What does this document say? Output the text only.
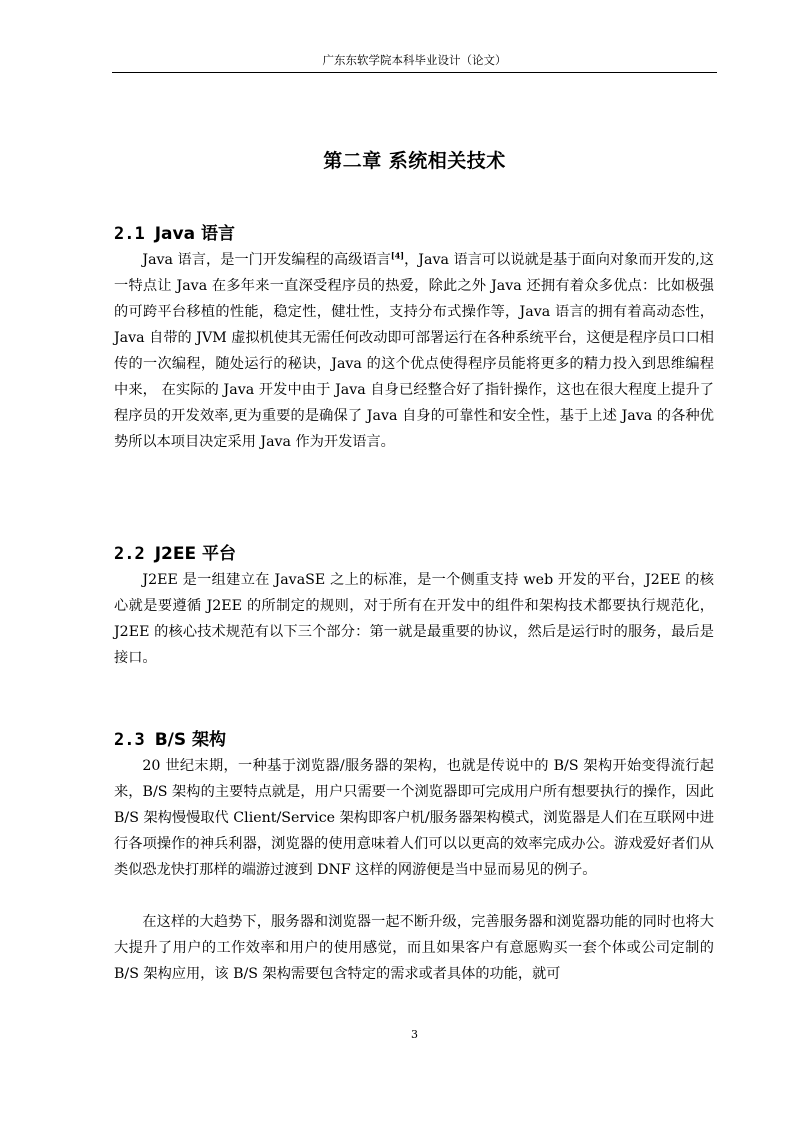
广东东软学院本科毕业设计（论文）
第二章 系统相关技术
2.1 Java 语言

Java 语言，是一门开发编程的高级语言[4]，Java 语言可以说就是基于面向对象而开发的,这一特点让 Java 在多年来一直深受程序员的热爱，除此之外 Java 还拥有着众多优点：比如极强的可跨平台移植的性能，稳定性，健壮性，支持分布式操作等，Java 语言的拥有着高动态性，Java 自带的 JVM 虚拟机使其无需任何改动即可部署运行在各种系统平台，这便是程序员口口相传的一次编程，随处运行的秘诀，Java 的这个优点使得程序员能将更多的精力投入到思维编程中来， 在实际的 Java 开发中由于 Java 自身已经整合好了指针操作，这也在很大程度上提升了程序员的开发效率,更为重要的是确保了 Java 自身的可靠性和安全性，基于上述 Java 的各种优势所以本项目决定采用 Java 作为开发语言。

2.2 J2EE 平台

J2EE 是一组建立在 JavaSE 之上的标准，是一个侧重支持 web 开发的平台，J2EE 的核心就是要遵循 J2EE 的所制定的规则，对于所有在开发中的组件和架构技术都要执行规范化，J2EE 的核心技术规范有以下三个部分：第一就是最重要的协议，然后是运行时的服务，最后是接口。

2.3 B/S 架构

20 世纪末期，一种基于浏览器/服务器的架构，也就是传说中的 B/S 架构开始变得流行起来，B/S 架构的主要特点就是，用户只需要一个浏览器即可完成用户所有想要执行的操作，因此 B/S 架构慢慢取代 Client/Service 架构即客户机/服务器架构模式，浏览器是人们在互联网中进行各项操作的神兵利器，浏览器的使用意味着人们可以以更高的效率完成办公。游戏爱好者们从类似恐龙快打那样的端游过渡到 DNF 这样的网游便是当中显而易见的例子。

在这样的大趋势下，服务器和浏览器一起不断升级，完善服务器和浏览器功能的同时也将大大提升了用户的工作效率和用户的使用感觉，而且如果客户有意愿购买一套个体或公司定制的 B/S 架构应用，该 B/S 架构需要包含特定的需求或者具体的功能，就可

3
